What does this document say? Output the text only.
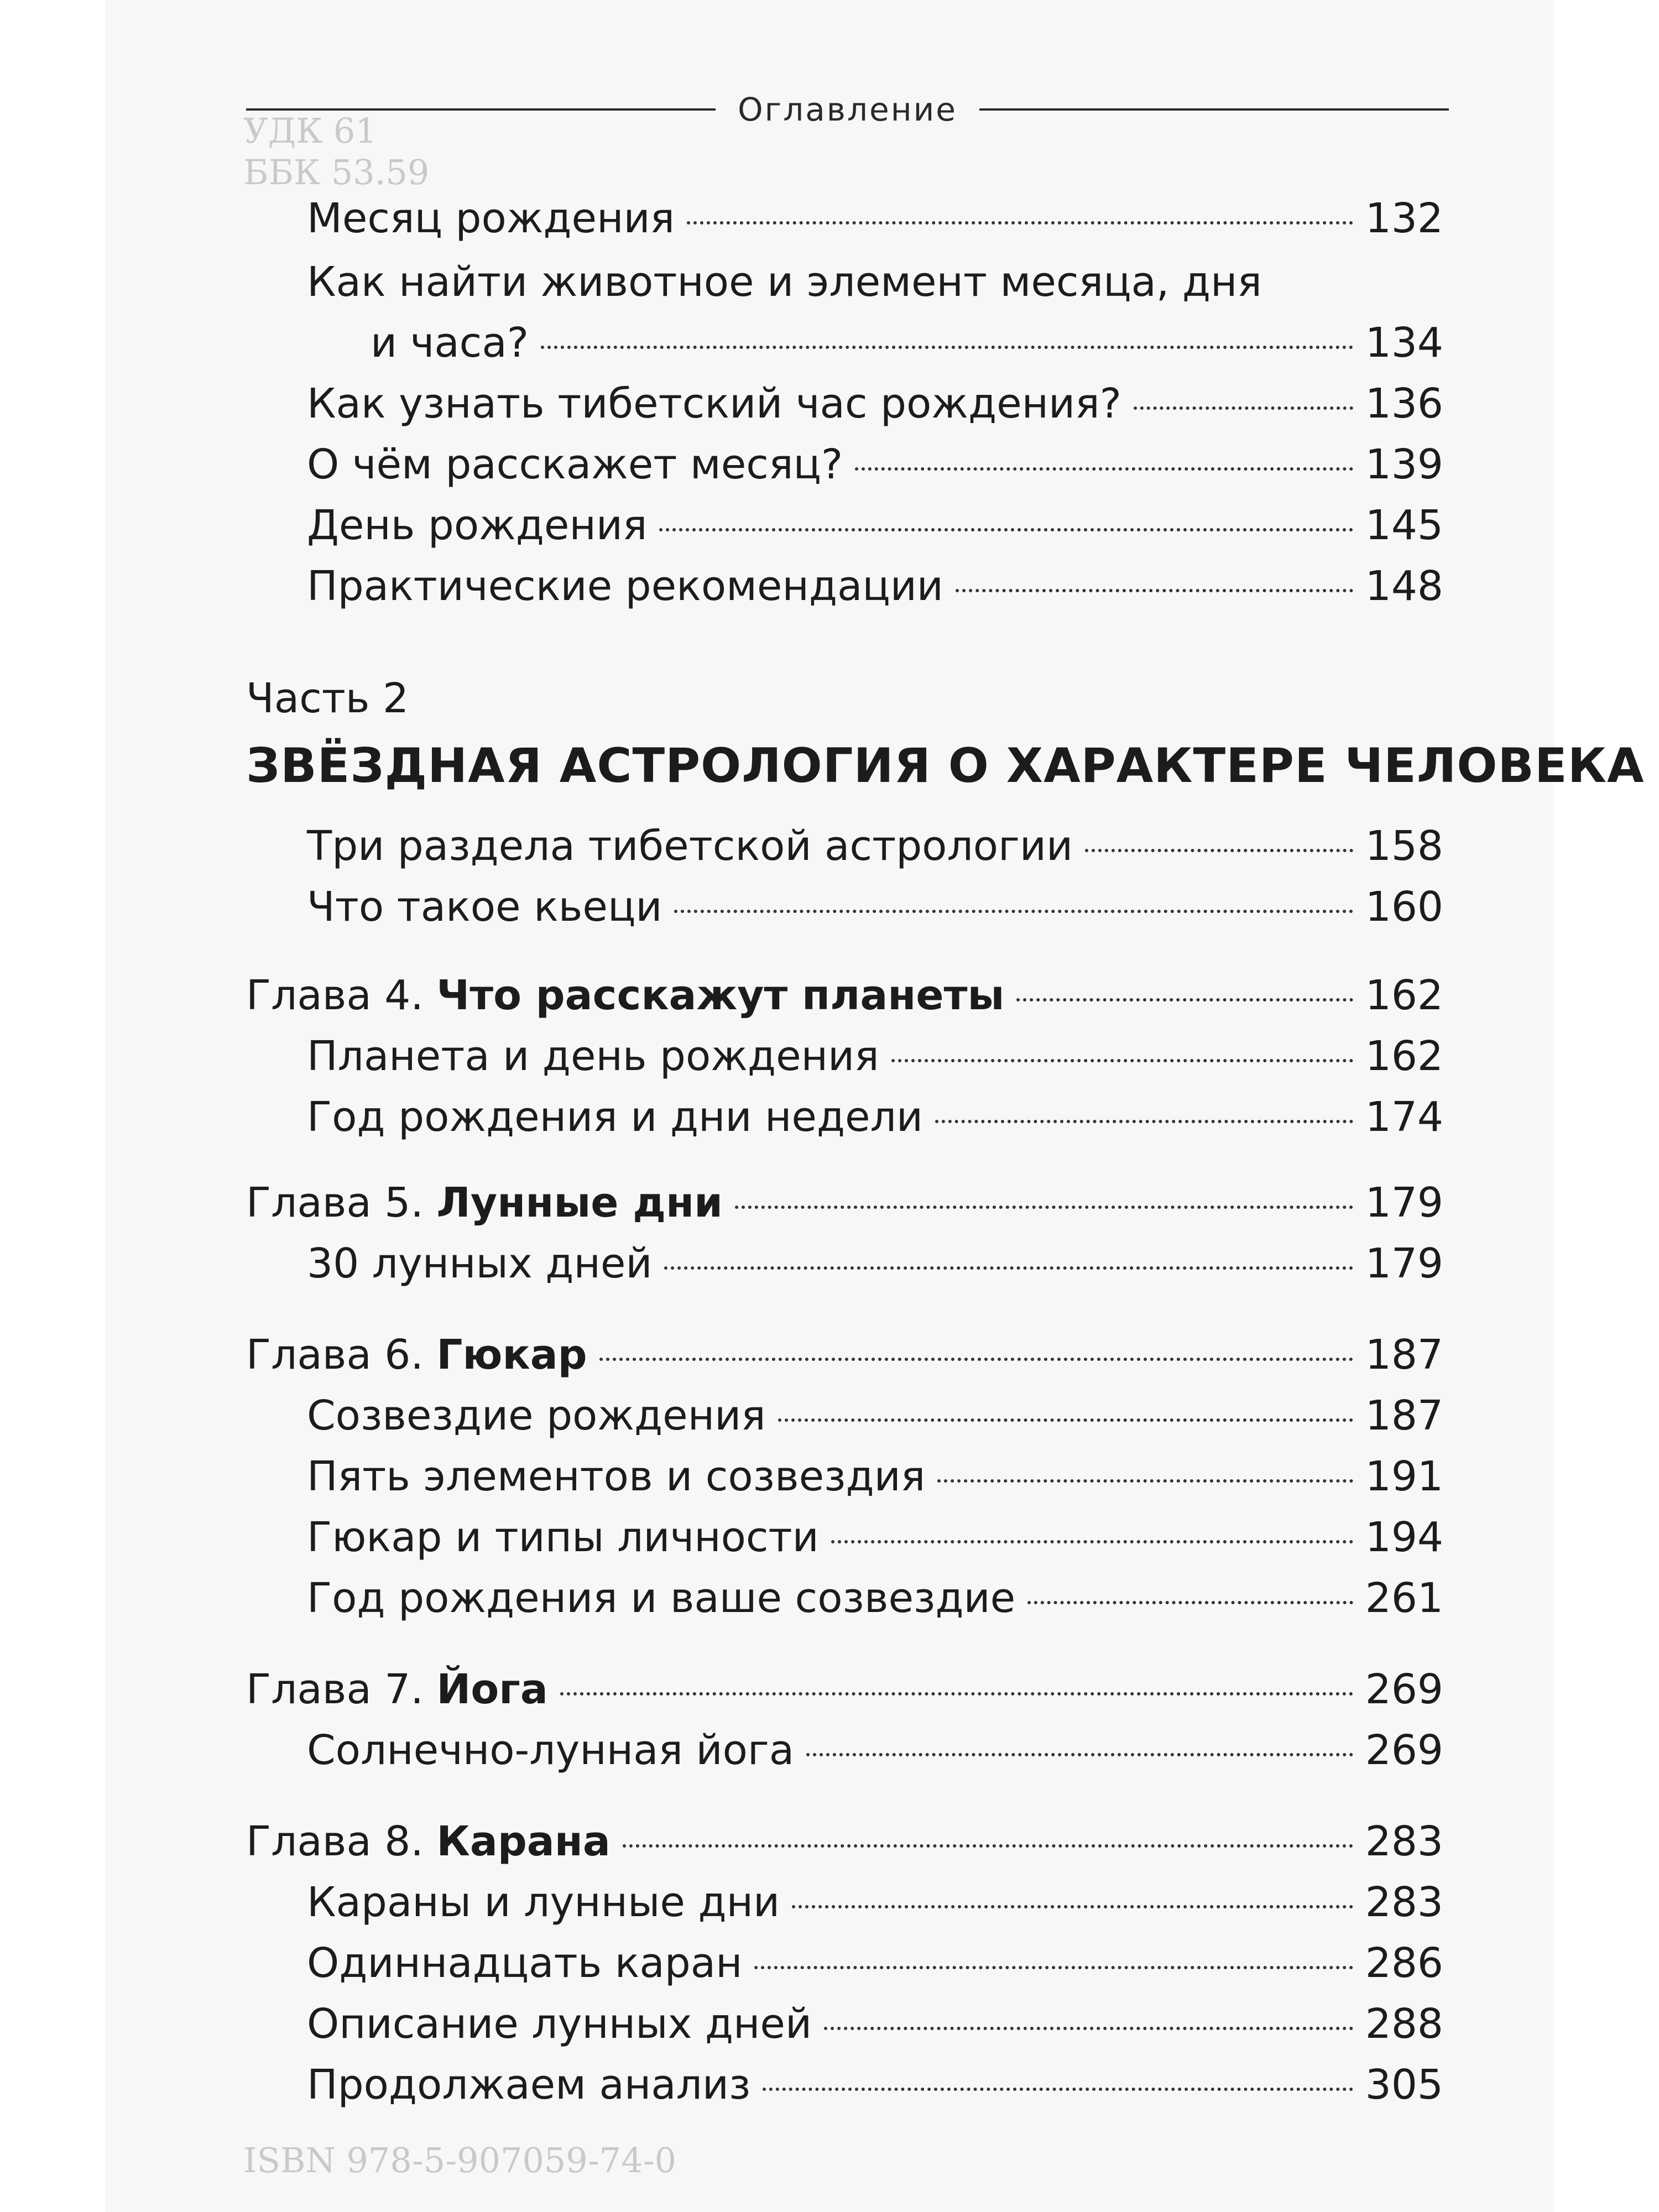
УДК 61
ББК 53.59
ISBN 978-5-907059-74-0
Оглавление
Месяц рождения	132
Как найти животное и элемент месяца, дня
и часа?	134
Как узнать тибетский час рождения?	136
О чём расскажет месяц?	139
День рождения	145
Практические рекомендации	148
Часть 2
ЗВЁЗДНАЯ АСТРОЛОГИЯ О ХАРАКТЕРЕ ЧЕЛОВЕКА
Три раздела тибетской астрологии	158
Что такое кьеци	160
Глава 4. Что расскажут планеты	162
Планета и день рождения	162
Год рождения и дни недели	174
Глава 5. Лунные дни	179
30 лунных дней	179
Глава 6. Гюкар	187
Созвездие рождения	187
Пять элементов и созвездия	191
Гюкар и типы личности	194
Год рождения и ваше созвездие	261
Глава 7. Йога	269
Солнечно-лунная йога	269
Глава 8. Карана	283
Караны и лунные дни	283
Одиннадцать каран	286
Описание лунных дней	288
Продолжаем анализ	305
